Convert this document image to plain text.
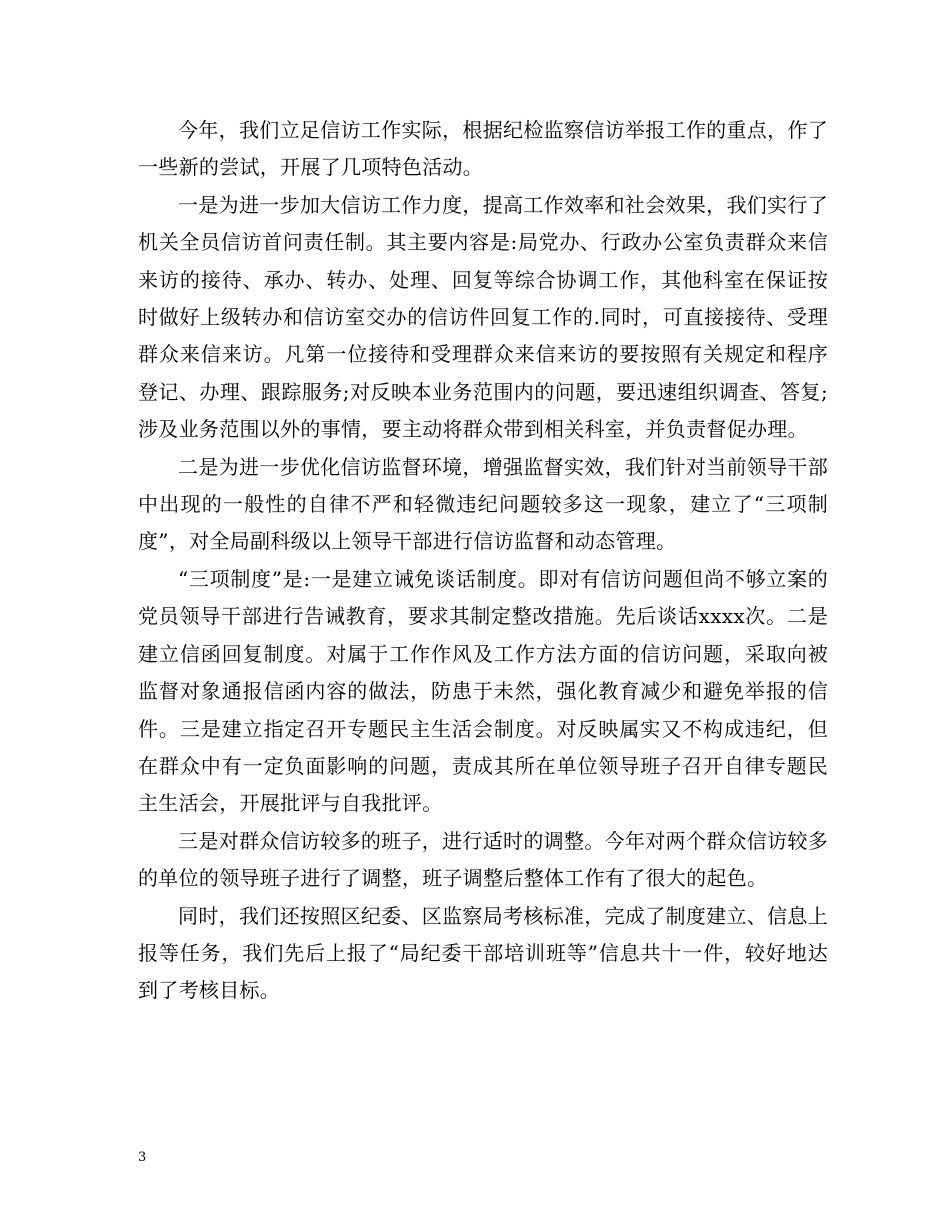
今年，我们立足信访工作实际，根据纪检监察信访举报工作的重点，作了一些新的尝试，开展了几项特色活动。

一是为进一步加大信访工作力度，提高工作效率和社会效果，我们实行了机关全员信访首问责任制。其主要内容是:局党办、行政办公室负责群众来信来访的接待、承办、转办、处理、回复等综合协调工作，其他科室在保证按时做好上级转办和信访室交办的信访件回复工作的.同时，可直接接待、受理群众来信来访。凡第一位接待和受理群众来信来访的要按照有关规定和程序登记、办理、跟踪服务;对反映本业务范围内的问题，要迅速组织调查、答复;涉及业务范围以外的事情，要主动将群众带到相关科室，并负责督促办理。

二是为进一步优化信访监督环境，增强监督实效，我们针对当前领导干部中出现的一般性的自律不严和轻微违纪问题较多这一现象，建立了“三项制度”，对全局副科级以上领导干部进行信访监督和动态管理。

“三项制度”是:一是建立诫免谈话制度。即对有信访问题但尚不够立案的党员领导干部进行告诫教育，要求其制定整改措施。先后谈话xxxx次。二是建立信函回复制度。对属于工作作风及工作方法方面的信访问题，采取向被监督对象通报信函内容的做法，防患于未然，强化教育减少和避免举报的信件。三是建立指定召开专题民主生活会制度。对反映属实又不构成违纪，但在群众中有一定负面影响的问题，责成其所在单位领导班子召开自律专题民主生活会，开展批评与自我批评。

三是对群众信访较多的班子，进行适时的调整。今年对两个群众信访较多的单位的领导班子进行了调整，班子调整后整体工作有了很大的起色。

同时，我们还按照区纪委、区监察局考核标准，完成了制度建立、信息上报等任务，我们先后上报了“局纪委干部培训班等”信息共十一件，较好地达到了考核目标。

3
